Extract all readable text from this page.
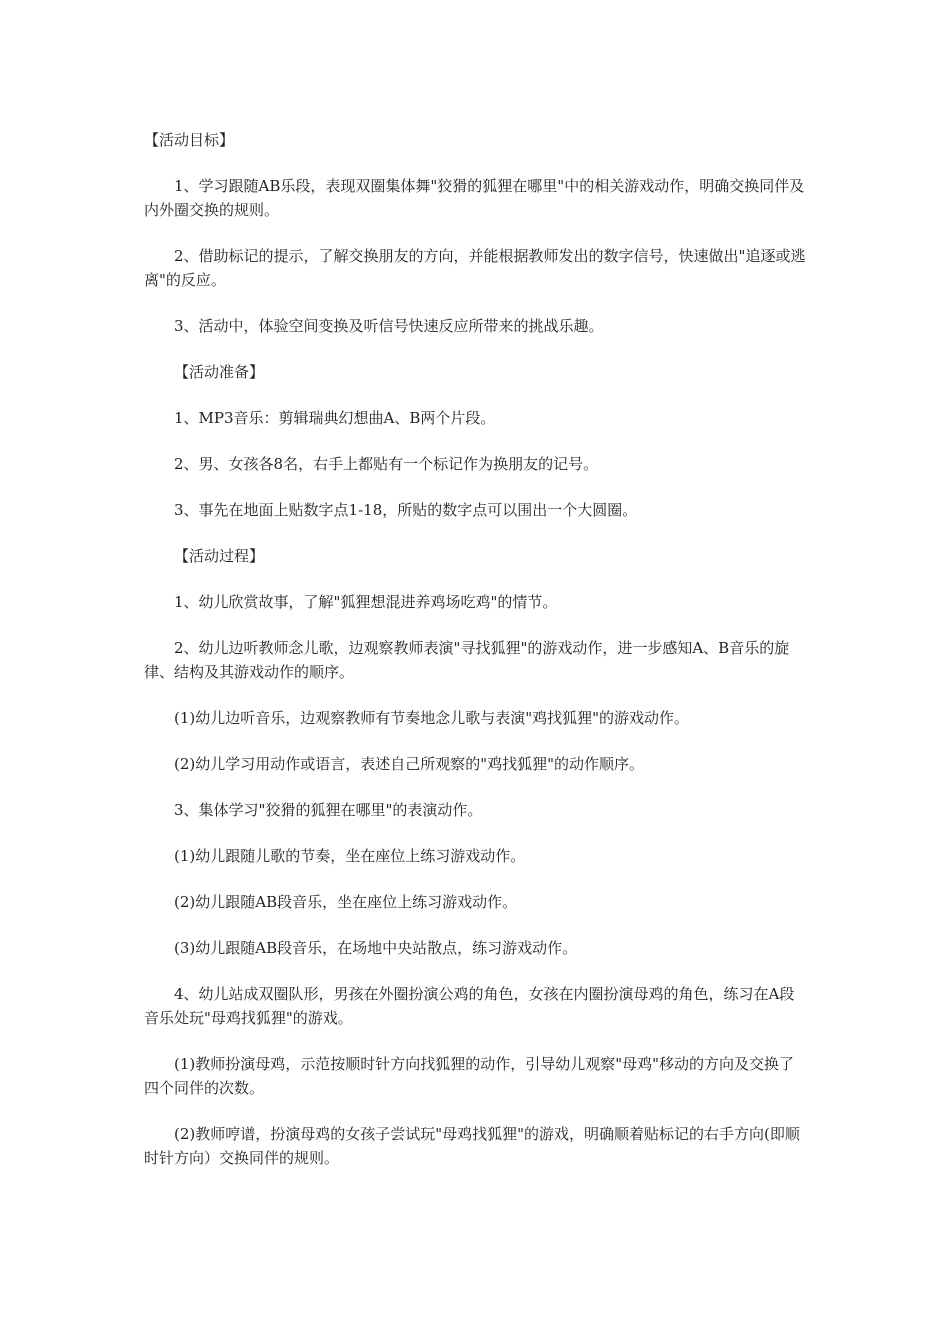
【活动目标】

1、学习跟随AB乐段，表现双圈集体舞"狡猾的狐狸在哪里"中的相关游戏动作，明确交换同伴及内外圈交换的规则。

2、借助标记的提示，了解交换朋友的方向，并能根据教师发出的数字信号，快速做出"追逐或逃离"的反应。

3、活动中，体验空间变换及听信号快速反应所带来的挑战乐趣。

【活动准备】

1、MP3音乐：剪辑瑞典幻想曲A、B两个片段。

2、男、女孩各8名，右手上都贴有一个标记作为换朋友的记号。

3、事先在地面上贴数字点1-18，所贴的数字点可以围出一个大圆圈。

【活动过程】

1、幼儿欣赏故事，了解"狐狸想混进养鸡场吃鸡"的情节。

2、幼儿边听教师念儿歌，边观察教师表演"寻找狐狸"的游戏动作，进一步感知A、B音乐的旋律、结构及其游戏动作的顺序。

(1)幼儿边听音乐，边观察教师有节奏地念儿歌与表演"鸡找狐狸"的游戏动作。

(2)幼儿学习用动作或语言，表述自己所观察的"鸡找狐狸"的动作顺序。

3、集体学习"狡猾的狐狸在哪里"的表演动作。

(1)幼儿跟随儿歌的节奏，坐在座位上练习游戏动作。

(2)幼儿跟随AB段音乐，坐在座位上练习游戏动作。

(3)幼儿跟随AB段音乐，在场地中央站散点，练习游戏动作。

4、幼儿站成双圈队形，男孩在外圈扮演公鸡的角色，女孩在内圈扮演母鸡的角色，练习在A段音乐处玩"母鸡找狐狸"的游戏。

(1)教师扮演母鸡，示范按顺时针方向找狐狸的动作，引导幼儿观察"母鸡"移动的方向及交换了四个同伴的次数。

(2)教师哼谱，扮演母鸡的女孩子尝试玩"母鸡找狐狸"的游戏，明确顺着贴标记的右手方向(即顺时针方向）交换同伴的规则。
